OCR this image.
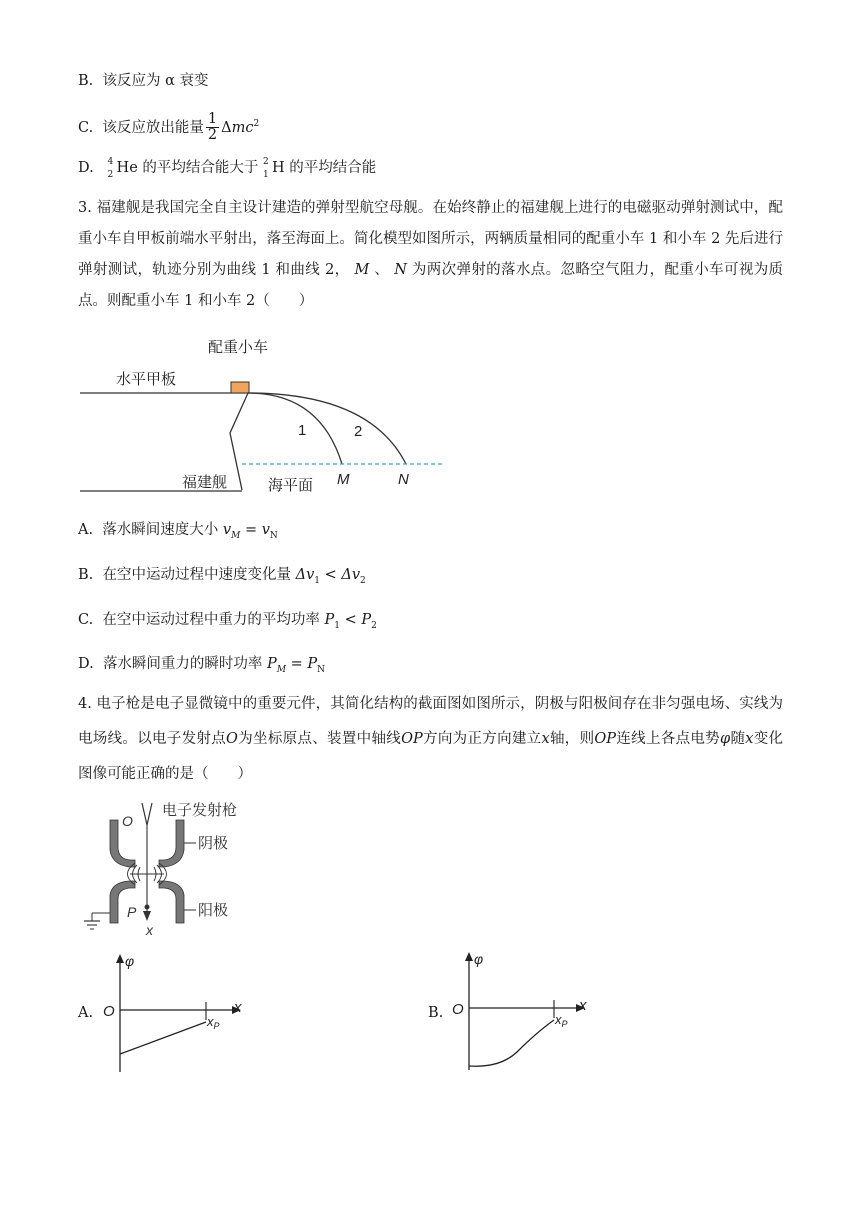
B. 该反应为 α 衰变
C. 该反应放出能量 $\frac{1}{2} \Delta mc^2$
D. 4
2 He 的平均结合能大于 2
1 H 的平均结合能
3. 福建舰是我国完全自主设计建造的弹射型航空母舰。在始终静止的福建舰上进行的电磁驱动弹射测试中，配重小车自甲板前端水平射出，落至海面上。简化模型如图所示，两辆质量相同的配重小车 1 和小车 2 先后进行弹射测试，轨迹分别为曲线 1 和曲线 2， M 、 N 为两次弹射的落水点。忽略空气阻力，配重小车可视为质点。则配重小车 1 和小车 2（　　）
配重小车
水平甲板
福建舰
1	2
海平面 M	N
A. 落水瞬间速度大小 $v_M = v_N$
B. 在空中运动过程中速度变化量 $\Delta v_1 < \Delta v_2$
C. 在空中运动过程中重力的平均功率 $P_1 < P_2$
D. 落水瞬间重力的瞬时功率 $P_M = P_N$
4. 电子枪是电子显微镜中的重要元件，其简化结构的截面图如图所示，阴极与阳极间存在非匀强电场、实线为电场线。以电子发射点O为坐标原点、装置中轴线OP方向为正方向建立x轴，则OP连线上各点电势φ随x变化图像可能正确的是（　　）
电子发射枪
O
阴极
阳极
P
x
A.
φ
O	x
$x_P$
B.
φ
O	x
$x_P$
